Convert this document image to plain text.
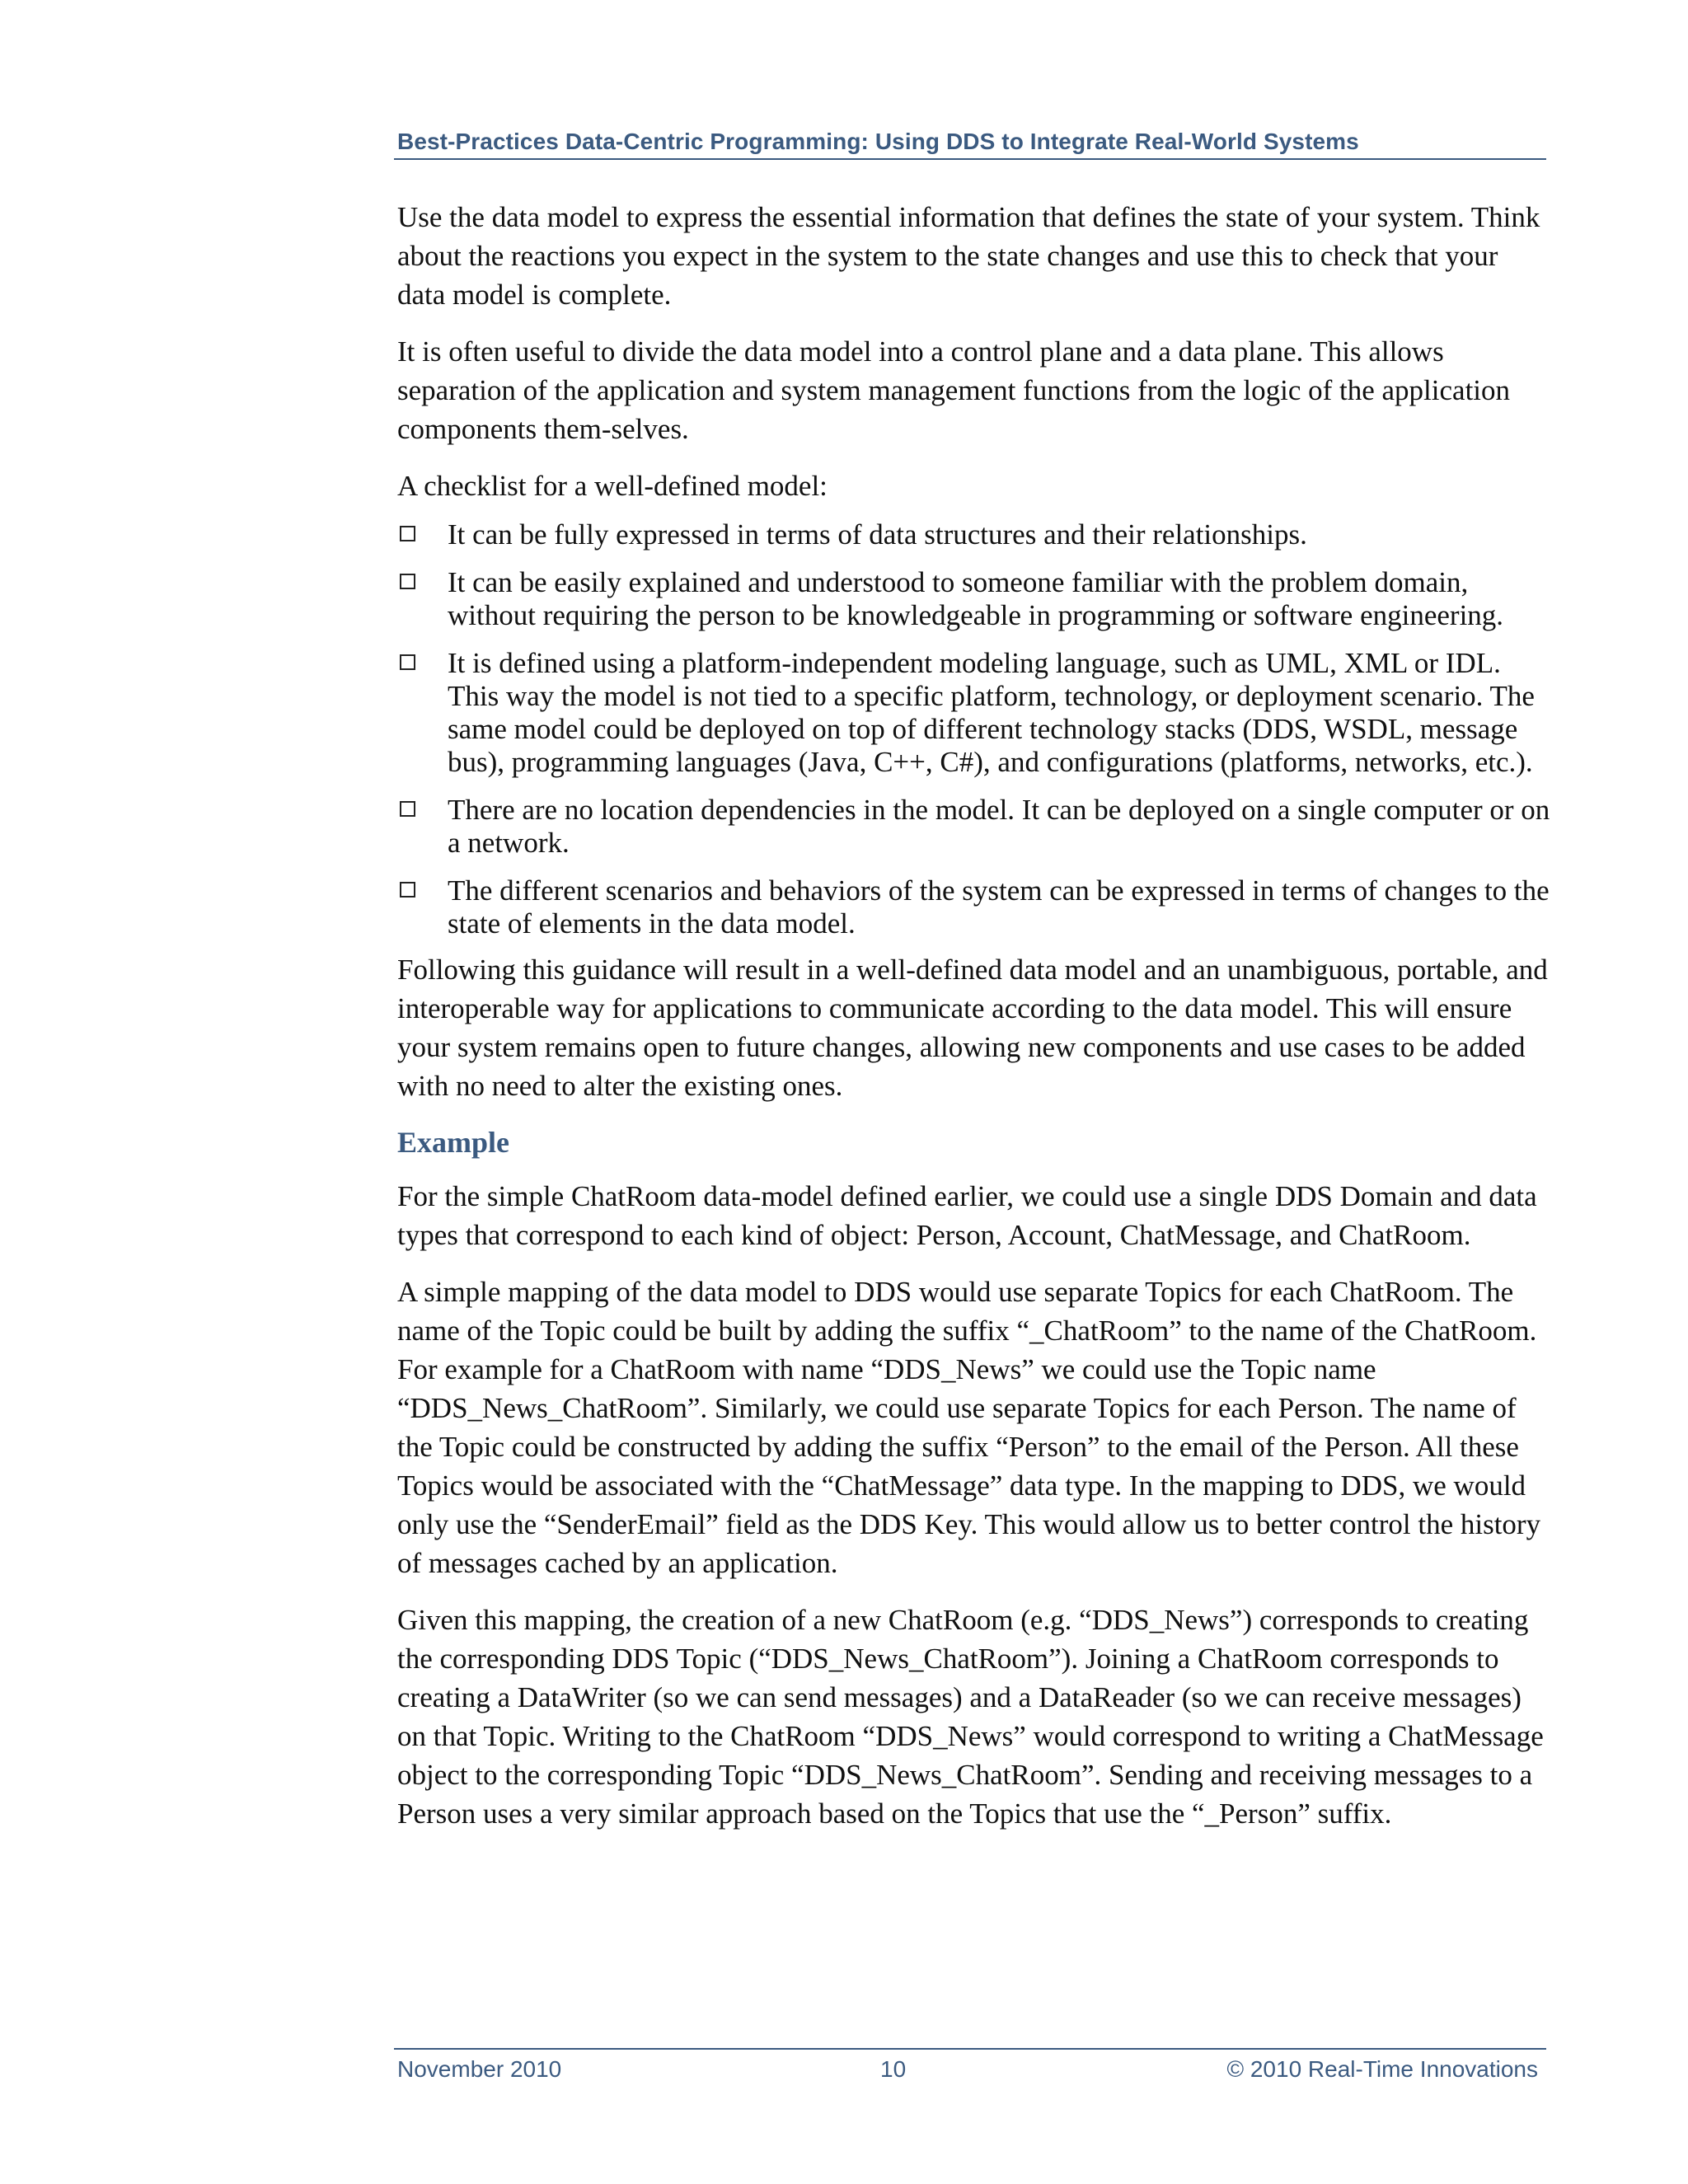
Best-Practices Data-Centric Programming: Using DDS to Integrate Real-World Systems

Use the data model to express the essential information that defines the state of your system. Think about the reactions you expect in the system to the state changes and use this to check that your data model is complete.

It is often useful to divide the data model into a control plane and a data plane. This allows separation of the application and system management functions from the logic of the application components them-selves.

A checklist for a well-defined model:

It can be fully expressed in terms of data structures and their relationships.
It can be easily explained and understood to someone familiar with the problem domain, without requiring the person to be knowledgeable in programming or software engineering.
It is defined using a platform-independent modeling language, such as UML, XML or IDL. This way the model is not tied to a specific platform, technology, or deployment scenario. The same model could be deployed on top of different technology stacks (DDS, WSDL, message bus), programming languages (Java, C++, C#), and configurations (platforms, networks, etc.).
There are no location dependencies in the model. It can be deployed on a single computer or on a network.
The different scenarios and behaviors of the system can be expressed in terms of changes to the state of elements in the data model.

Following this guidance will result in a well-defined data model and an unambiguous, portable, and interoperable way for applications to communicate according to the data model. This will ensure your system remains open to future changes, allowing new components and use cases to be added with no need to alter the existing ones.

Example

For the simple ChatRoom data-model defined earlier, we could use a single DDS Domain and data types that correspond to each kind of object: Person, Account, ChatMessage, and ChatRoom.

A simple mapping of the data model to DDS would use separate Topics for each ChatRoom. The name of the Topic could be built by adding the suffix “_ChatRoom” to the name of the ChatRoom. For example for a ChatRoom with name “DDS_News” we could use the Topic name “DDS_News_ChatRoom”. Similarly, we could use separate Topics for each Person. The name of the Topic could be constructed by adding the suffix “Person” to the email of the Person. All these Topics would be associated with the “ChatMessage” data type. In the mapping to DDS, we would only use the “SenderEmail” field as the DDS Key. This would allow us to better control the history of messages cached by an application.

Given this mapping, the creation of a new ChatRoom (e.g. “DDS_News”) corresponds to creating the corresponding DDS Topic (“DDS_News_ChatRoom”). Joining a ChatRoom corresponds to creating a DataWriter (so we can send messages) and a DataReader (so we can receive messages) on that Topic. Writing to the ChatRoom “DDS_News” would correspond to writing a ChatMessage object to the corresponding Topic “DDS_News_ChatRoom”. Sending and receiving messages to a Person uses a very similar approach based on the Topics that use the “_Person” suffix.

November 2010	10	© 2010 Real-Time Innovations
